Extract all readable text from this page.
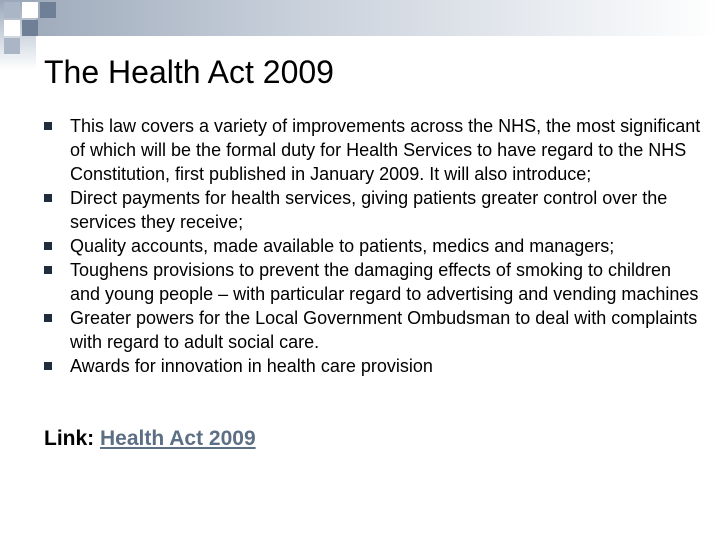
The Health Act 2009
This law covers a variety of improvements across the NHS, the most significant of which will be the formal duty for Health Services to have regard to the NHS Constitution, first published in January 2009. It will also introduce;
Direct payments for health services, giving patients greater control over the services they receive;
Quality accounts, made available to patients, medics and managers;
Toughens provisions to prevent the damaging effects of smoking to children and young people – with particular regard to advertising and vending machines
Greater powers for the Local Government Ombudsman to deal with complaints with regard to adult social care.
Awards for innovation in health care provision
Link: Health Act 2009
